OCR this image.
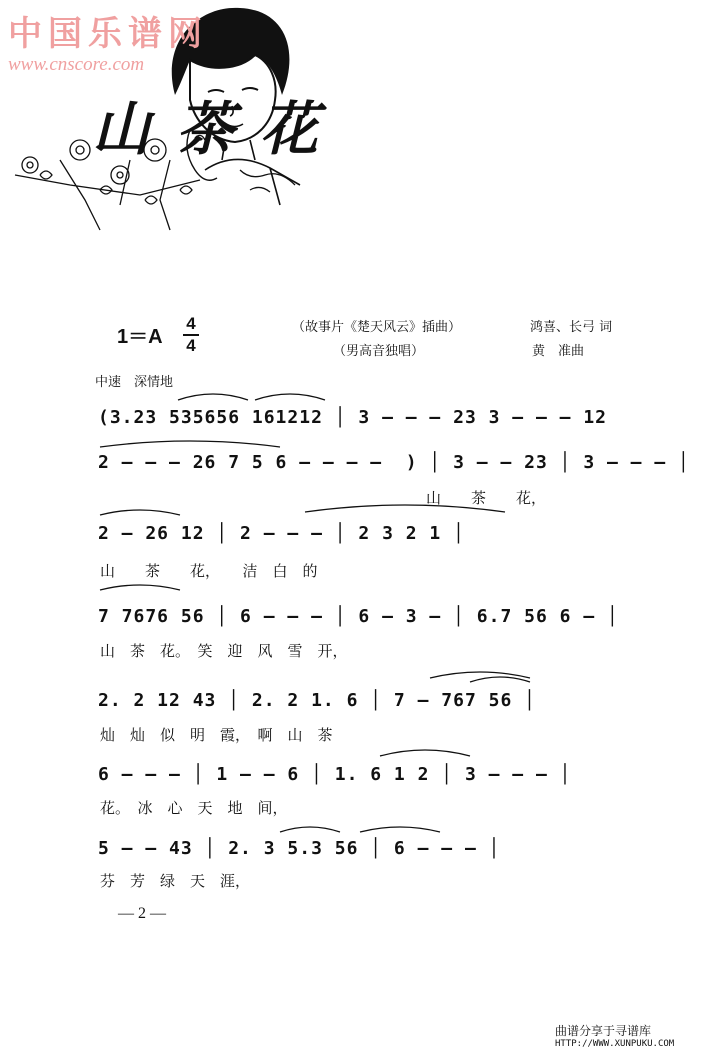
中国乐谱网
www.cnscore.com
山茶花
1＝A
4
4
（故事片《楚天风云》插曲）
（男高音独唱）
鸿喜、长弓 词
黄　准曲
中速　深情地
(3.23 535656 161212 │ 3 — — — 23 3 — — — 12
2 — — — 26 7 5 6 — — — —  ) │ 3 — — 23 │ 3 — — — │
山　　茶　　花，
2 — 26 12 │ 2 — — — │ 2 3 2 1 │
山　　茶　　花，　　洁　白　的
7 7676 56 │ 6 — — — │ 6 — 3 — │ 6.7 56 6 — │
山　茶　花。　笑　迎　风　雪　开，
2. 2 12 43 │ 2. 2 1. 6 │ 7 — 767 56 │
灿　灿　似　明　霞，　啊　山　茶
6 — — — │ 1 — — 6 │ 1. 6 1 2 │ 3 — — — │
花。　冰　心　天　地　间，
5 — — 43 │ 2. 3 5.3 56 │ 6 — — — │
芬　芳　绿　天　涯，
— 2 —
曲谱分享于寻谱库
HTTP://WWW.XUNPUKU.COM
